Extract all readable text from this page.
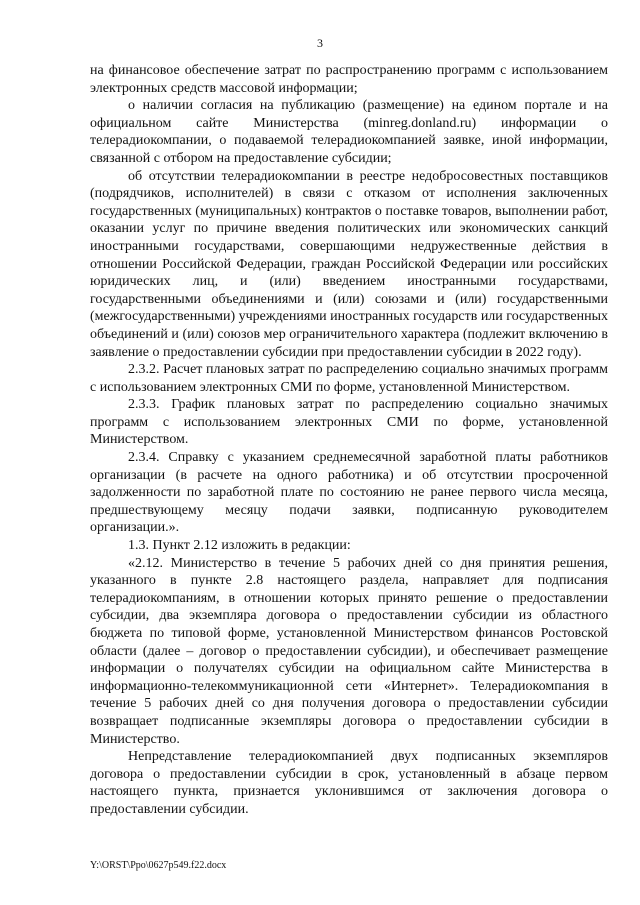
3

на финансовое обеспечение затрат по распространению программ с использованием электронных средств массовой информации;

о наличии согласия на публикацию (размещение) на едином портале и на официальном сайте Министерства (minreg.donland.ru) информации о телерадиокомпании, о подаваемой телерадиокомпанией заявке, иной информации, связанной с отбором на предоставление субсидии;

об отсутствии телерадиокомпании в реестре недобросовестных поставщиков (подрядчиков, исполнителей) в связи с отказом от исполнения заключенных государственных (муниципальных) контрактов о поставке товаров, выполнении работ, оказании услуг по причине введения политических или экономических санкций иностранными государствами, совершающими недружественные действия в отношении Российской Федерации, граждан Российской Федерации или российских юридических лиц, и (или) введением иностранными государствами, государственными объединениями и (или) союзами и (или) государственными (межгосударственными) учреждениями иностранных государств или государственных объединений и (или) союзов мер ограничительного характера (подлежит включению в заявление о предоставлении субсидии при предоставлении субсидии в 2022 году).

2.3.2. Расчет плановых затрат по распределению социально значимых программ с использованием электронных СМИ по форме, установленной Министерством.

2.3.3. График плановых затрат по распределению социально значимых программ с использованием электронных СМИ по форме, установленной Министерством.

2.3.4. Справку с указанием среднемесячной заработной платы работников организации (в расчете на одного работника) и об отсутствии просроченной задолженности по заработной плате по состоянию не ранее первого числа месяца, предшествующему месяцу подачи заявки, подписанную руководителем организации.».

1.3. Пункт 2.12 изложить в редакции:

«2.12. Министерство в течение 5 рабочих дней со дня принятия решения, указанного в пункте 2.8 настоящего раздела, направляет для подписания телерадиокомпаниям, в отношении которых принято решение о предоставлении субсидии, два экземпляра договора о предоставлении субсидии из областного бюджета по типовой форме, установленной Министерством финансов Ростовской области (далее – договор о предоставлении субсидии), и обеспечивает размещение информации о получателях субсидии на официальном сайте Министерства в информационно-телекоммуникационной сети «Интернет». Телерадиокомпания в течение 5 рабочих дней со дня получения договора о предоставлении субсидии возвращает подписанные экземпляры договора о предоставлении субсидии в Министерство.

Непредставление телерадиокомпанией двух подписанных экземпляров договора о предоставлении субсидии в срок, установленный в абзаце первом настоящего пункта, признается уклонившимся от заключения договора о предоставлении субсидии.

Y:\ORST\Ppo\0627p549.f22.docx
